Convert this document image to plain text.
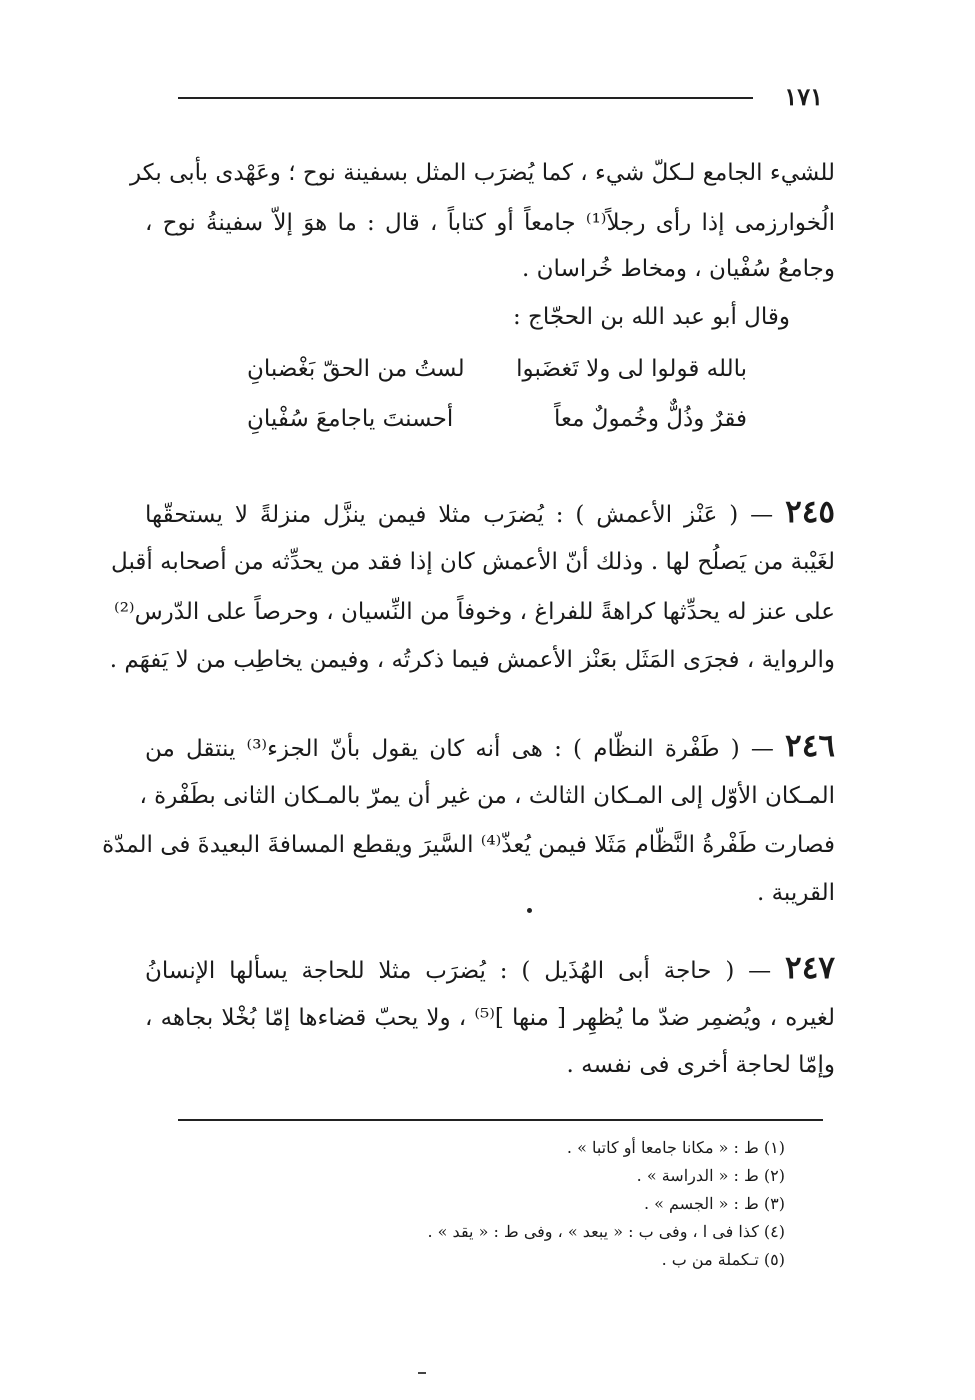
١٧١
للشيء الجامع لـكلّ شيء ، كما يُضرَب المثل بسفينة نوح ؛ وعَهْدى بأبى بكر
الُخوارزمى إذا رأى رجلاً⁽¹⁾ جامعاً أو كتاباً ، قال : ما هوَ إلاّ سفينةُ نوح ،
وجامعُ سُفْيان ، ومخاط خُراسان .
وقال أبو عبد الله بن الحجّاج :
بالله قولوا لى ولا تَغضَبوا
لستُ من الحقّ بَغْضبانِ
فقرٌ وذُلٌّ وخُمولٌ معاً
أحسنتَ ياجامعَ سُفْيانِ
٢٤٥ — ( عَنْز الأعمش ) : يُضرَب مثلا فيمن ينزَّل منزلةً لا يستحقّها
لغَيْبة من يَصلُح لها . وذلك أنّ الأعمش كان إذا فقد من يحدِّثه من أصحابه أقبل
على عنز له يحدِّثها كراهةً للفراغ ، وخوفاً من النِّسيان ، وحرصاً على الدّرس⁽²⁾
والرواية ، فجرَى المَثَل بعَنْز الأعمش فيما ذكرتُه ، وفيمن يخاطِب من لا يَفهَم .
٢٤٦ — ( طَفْرة النظّام ) : هى أنه كان يقول بأنّ الجزء⁽³⁾ ينتقل من
المـكان الأوّل إلى المـكان الثالث ، من غير أن يمرّ بالمـكان الثانى بطَفْرة ،
فصارت طَفْرةُ النَّظّام مَثَلا فيمن يُعذّ⁽⁴⁾ السَّيرَ ويقطع المسافةَ البعيدةَ فى المدّة
القريبة .
٢٤٧ — ( حاجة أبى الهُذَيل ) : يُضرَب مثلا للحاجة يسألها الإنسانُ
لغيره ، ويُضمِر ضدّ ما يُظهِر [ منها ]⁽⁵⁾ ، ولا يحبّ قضاءها إمّا بُخْلا بجاهه ،
وإمّا لحاجة أخرى فى نفسه .
(١) ط : « مكانا جامعا أو كاتبا » .
(٢) ط : « الدراسة » .
(٣) ط : « الجسم » .
(٤) كذا فى ا ، وفى ب : « يبعد » ، وفى ط : « يقد » .
(٥) تـكملة من ب .
